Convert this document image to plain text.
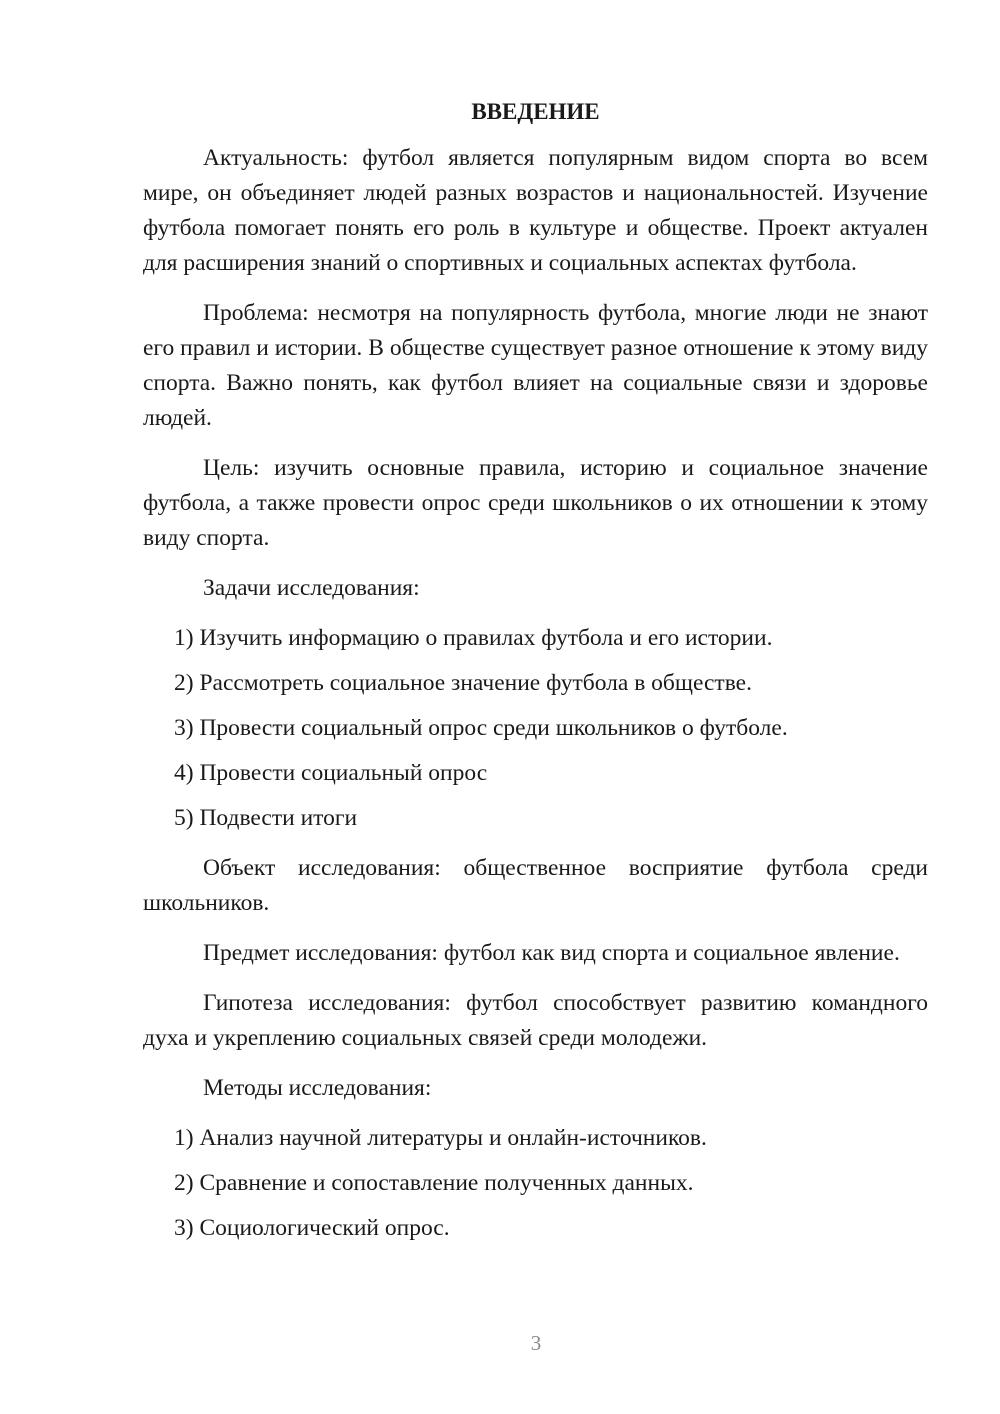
ВВЕДЕНИЕ

Актуальность: футбол является популярным видом спорта во всем мире, он объединяет людей разных возрастов и национальностей. Изучение футбола помогает понять его роль в культуре и обществе. Проект актуален для расширения знаний о спортивных и социальных аспектах футбола.

Проблема: несмотря на популярность футбола, многие люди не знают его правил и истории. В обществе существует разное отношение к этому виду спорта. Важно понять, как футбол влияет на социальные связи и здоровье людей.

Цель: изучить основные правила, историю и социальное значение футбола, а также провести опрос среди школьников о их отношении к этому виду спорта.

Задачи исследования:
1) Изучить информацию о правилах футбола и его истории.
2) Рассмотреть социальное значение футбола в обществе.
3) Провести социальный опрос среди школьников о футболе.
4) Провести социальный опрос
5) Подвести итоги

Объект исследования: общественное восприятие футбола среди школьников.

Предмет исследования: футбол как вид спорта и социальное явление.

Гипотеза исследования: футбол способствует развитию командного духа и укреплению социальных связей среди молодежи.

Методы исследования:
1) Анализ научной литературы и онлайн-источников.
2) Сравнение и сопоставление полученных данных.
3) Социологический опрос.
3
